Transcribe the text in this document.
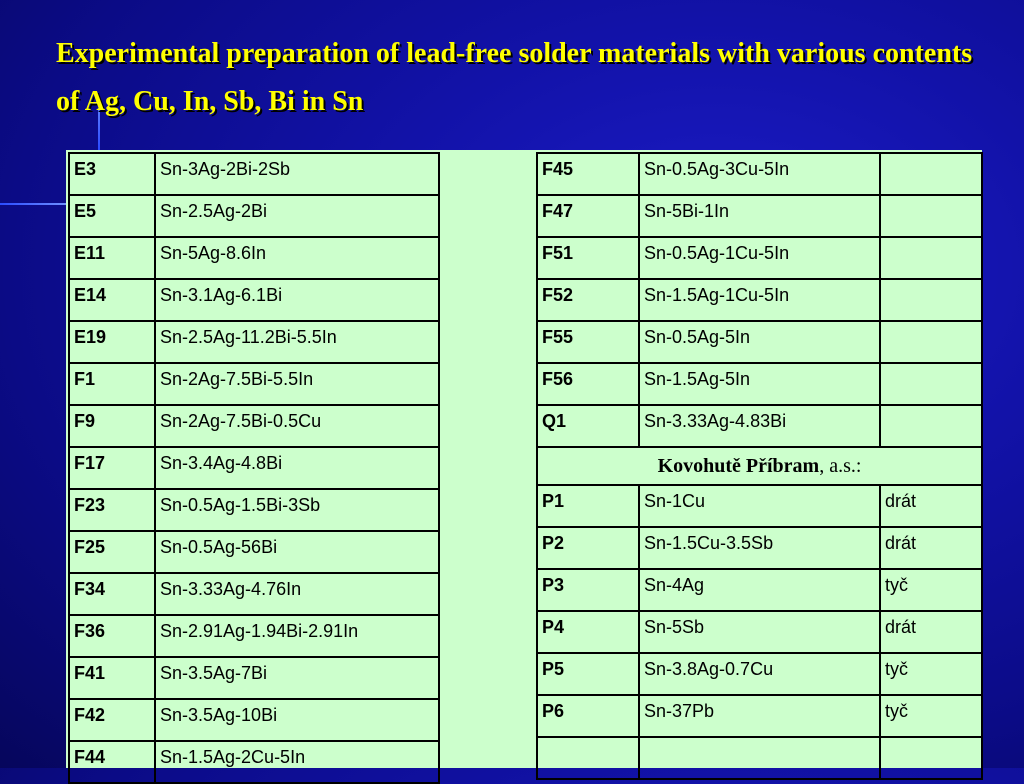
Experimental preparation of lead-free solder materials with various contents of Ag, Cu, In, Sb, Bi in Sn
E3	Sn-3Ag-2Bi-2Sb
E5	Sn-2.5Ag-2Bi
E11	Sn-5Ag-8.6In
E14	Sn-3.1Ag-6.1Bi
E19	Sn-2.5Ag-11.2Bi-5.5In
F1	Sn-2Ag-7.5Bi-5.5In
F9	Sn-2Ag-7.5Bi-0.5Cu
F17	Sn-3.4Ag-4.8Bi
F23	Sn-0.5Ag-1.5Bi-3Sb
F25	Sn-0.5Ag-56Bi
F34	Sn-3.33Ag-4.76In
F36	Sn-2.91Ag-1.94Bi-2.91In
F41	Sn-3.5Ag-7Bi
F42	Sn-3.5Ag-10Bi
F44	Sn-1.5Ag-2Cu-5In
F45	Sn-0.5Ag-3Cu-5In	
F47	Sn-5Bi-1In	
F51	Sn-0.5Ag-1Cu-5In	
F52	Sn-1.5Ag-1Cu-5In	
F55	Sn-0.5Ag-5In	
F56	Sn-1.5Ag-5In	
Q1	Sn-3.33Ag-4.83Bi	
Kovohutě Příbram, a.s.:		
P1	Sn-1Cu	drát
P2	Sn-1.5Cu-3.5Sb	drát
P3	Sn-4Ag	tyč
P4	Sn-5Sb	drát
P5	Sn-3.8Ag-0.7Cu	tyč
P6	Sn-37Pb	tyč
